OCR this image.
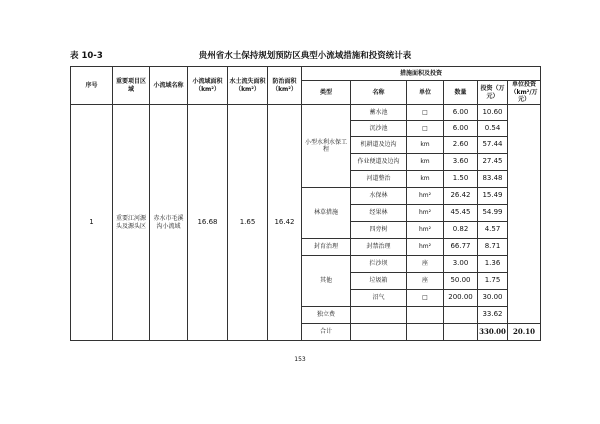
表 10-3	贵州省水土保持规划预防区典型小流域措施和投资统计表
序号	重要项目区域	小流域名称	小流域面积（km²）	水土流失面积（km²）	防治面积（km²）	措施面积及投资					
						类型	名称	单位	数量	投资（万元）	单位投资（km²/万元）
1	重要江河源头及源头区	赤水市毛溪沟小流域	16.68	1.65	16.42	小型水利水保工程	蓄水池	□	6.00	10.60	
							沉沙池	□	6.00	0.54	
							机耕道及边沟	km	2.60	57.44	
							作业便道及边沟	km	3.60	27.45	
							河道整治	km	1.50	83.48	
						林草措施	水保林	hm²	26.42	15.49	
							经果林	hm²	45.45	54.99	
							四旁树	hm²	0.82	4.57	
						封育治理	封禁治理	hm²	66.77	8.71	
						其他	拦沙坝	座	3.00	1.36	
							垃圾箱	座	50.00	1.75	
							沼气	□	200.00	30.00	
						独立费				33.62	
						合计				330.00	20.10
153
